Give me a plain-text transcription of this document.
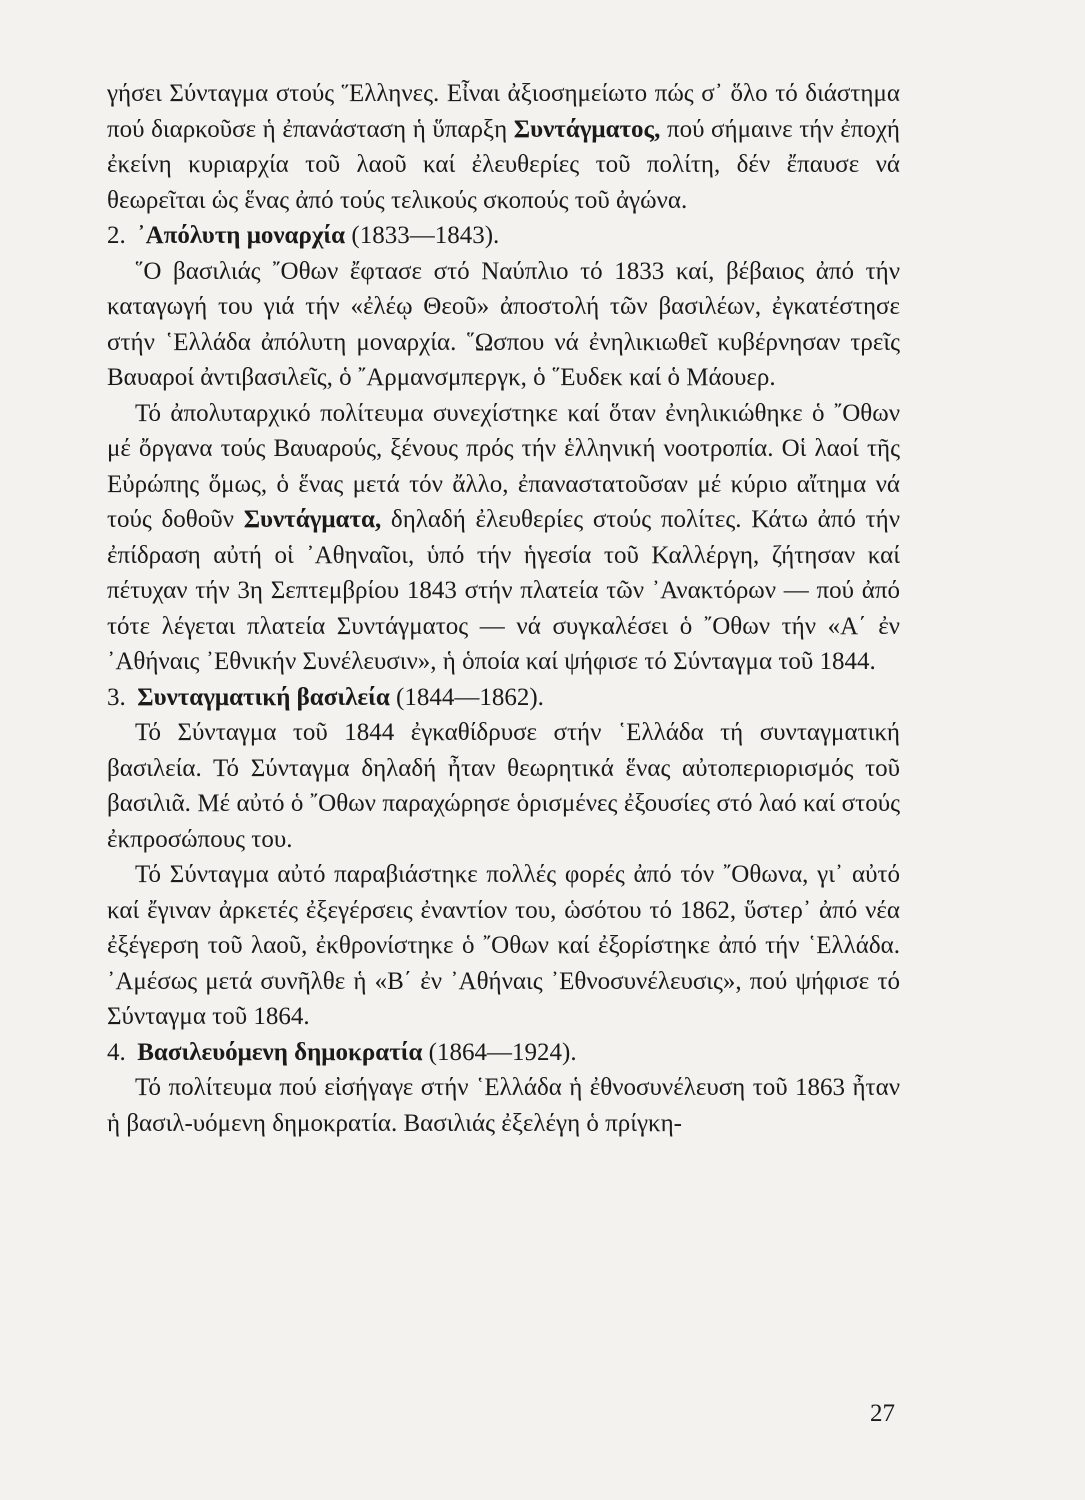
γήσει Σύνταγμα στούς Ἕλληνες. Εἶναι ἀξιοσημείωτο πώς σ᾽ ὅλο τό διάστημα πού διαρκοῦσε ἡ ἐπανάσταση ἡ ὕπαρξη Συντάγματος, πού σήμαινε τήν ἐποχή ἐκείνη κυριαρχία τοῦ λαοῦ καί ἐλευθερίες τοῦ πολίτη, δέν ἔπαυσε νά θεωρεῖται ὡς ἕνας ἀπό τούς τελικούς σκοπούς τοῦ ἀγώνα.

2. ᾽Απόλυτη μοναρχία (1833—1843).

῞Ο βασιλιάς ῎Οθων ἔφτασε στό Ναύπλιο τό 1833 καί, βέβαιος ἀπό τήν καταγωγή του γιά τήν «ἐλέῳ Θεοῦ» ἀποστολή τῶν βασιλέων, ἐγκατέστησε στήν ῾Ελλάδα ἀπόλυτη μοναρχία. ῞Ωσπου νά ἐνηλικιωθεῖ κυβέρνησαν τρεῖς Βαυαροί ἀντιβασιλεῖς, ὁ ῎Αρμανσμπεργκ, ὁ ῞Ευδεκ καί ὁ Μάουερ.

Τό ἀπολυταρχικό πολίτευμα συνεχίστηκε καί ὅταν ἐνηλικιώθηκε ὁ ῎Οθων μέ ὄργανα τούς Βαυαρούς, ξένους πρός τήν ἑλληνική νοοτροπία. Οἱ λαοί τῆς Εὐρώπης ὅμως, ὁ ἕνας μετά τόν ἄλλο, ἐπαναστατοῦσαν μέ κύριο αἴτημα νά τούς δοθοῦν Συντάγματα, δηλαδή ἐλευθερίες στούς πολίτες. Κάτω ἀπό τήν ἐπίδραση αὐτή οἱ ᾽Αθηναῖοι, ὑπό τήν ἡγεσία τοῦ Καλλέργη, ζήτησαν καί πέτυχαν τήν 3η Σεπτεμβρίου 1843 στήν πλατεία τῶν ᾽Ανακτόρων — πού ἀπό τότε λέγεται πλατεία Συντάγματος — νά συγκαλέσει ὁ ῎Οθων τήν «Α΄ ἐν ᾽Αθήναις ᾽Εθνικήν Συνέλευσιν», ἡ ὁποία καί ψήφισε τό Σύνταγμα τοῦ 1844.

3. Συνταγματική βασιλεία (1844—1862).

Τό Σύνταγμα τοῦ 1844 ἐγκαθίδρυσε στήν ῾Ελλάδα τή συνταγματική βασιλεία. Τό Σύνταγμα δηλαδή ἦταν θεωρητικά ἕνας αὐτοπεριορισμός τοῦ βασιλιᾶ. Μέ αὐτό ὁ ῎Οθων παραχώρησε ὁρισμένες ἐξουσίες στό λαό καί στούς ἐκπροσώπους του.

Τό Σύνταγμα αὐτό παραβιάστηκε πολλές φορές ἀπό τόν ῎Οθωνα, γι᾽ αὐτό καί ἔγιναν ἀρκετές ἐξεγέρσεις ἐναντίον του, ὡσότου τό 1862, ὕστερ᾽ ἀπό νέα ἐξέγερση τοῦ λαοῦ, ἐκθρονίστηκε ὁ ῎Οθων καί ἐξορίστηκε ἀπό τήν ῾Ελλάδα. ᾽Αμέσως μετά συνῆλθε ἡ «Β΄ ἐν ᾽Αθήναις ᾽Εθνοσυνέλευσις», πού ψήφισε τό Σύνταγμα τοῦ 1864.

4. Βασιλευόμενη δημοκρατία (1864—1924).

Τό πολίτευμα πού εἰσήγαγε στήν ῾Ελλάδα ἡ ἐθνοσυνέλευση τοῦ 1863 ἦταν ἡ βασιλ‑υόμενη δημοκρατία. Βασιλιάς ἐξελέγη ὁ πρίγκη-

27
